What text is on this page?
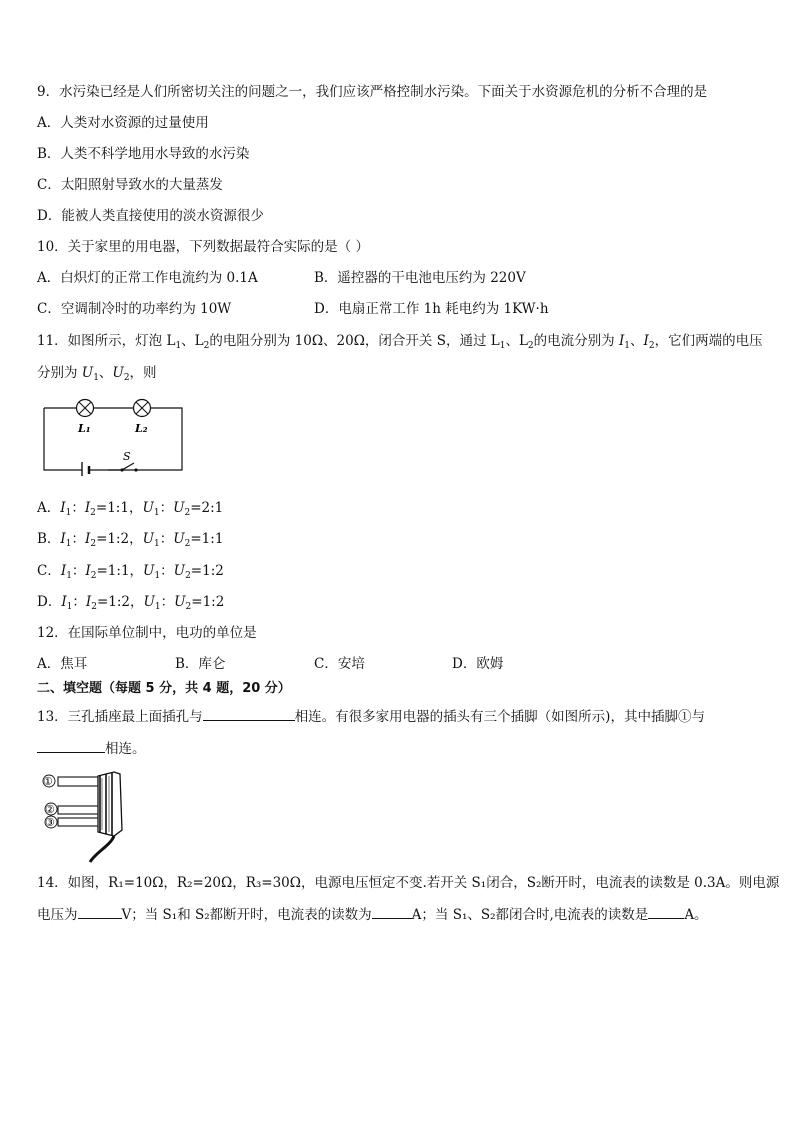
9．水污染已经是人们所密切关注的问题之一，我们应该严格控制水污染。下面关于水资源危机的分析不合理的是
A．人类对水资源的过量使用
B．人类不科学地用水导致的水污染
C．太阳照射导致水的大量蒸发
D．能被人类直接使用的淡水资源很少
10．关于家里的用电器，下列数据最符合实际的是（ ）
A．白炽灯的正常工作电流约为 0.1A	B．遥控器的干电池电压约为 220V
C．空调制冷时的功率约为 10W	D．电扇正常工作 1h 耗电约为 1KW·h
11．如图所示，灯泡 $L_1$、$L_2$的电阻分别为 10Ω、20Ω，闭合开关 S，通过 $L_1$、$L_2$的电流分别为 $I_1$、$I_2$，它们两端的电压
分别为 $U_1$、$U_2$，则
L₁	L₂
S
A．$I_1$：$I_2=1:1$，$U_1$：$U_2=2:1$
B．$I_1$：$I_2=1:2$，$U_1$：$U_2=1:1$
C．$I_1$：$I_2=1:1$，$U_1$：$U_2=1:2$
D．$I_1$：$I_2=1:2$，$U_1$：$U_2=1:2$
12．在国际单位制中，电功的单位是
A．焦耳	B．库仑	C．安培	D．欧姆
二、填空题（每题 5 分，共 4 题，20 分）
13．三孔插座最上面插孔与	相连。有很多家用电器的插头有三个插脚（如图所示)，其中插脚①与
相连。
①
②
③
14．如图，R₁=10Ω，R₂=20Ω，R₃=30Ω，电源电压恒定不变.若开关 S₁闭合，S₂断开时，电流表的读数是 0.3A。则电源
电压为	V；当 S₁和 S₂都断开时，电流表的读数为	A；当 S₁、S₂都闭合时,电流表的读数是	A。
